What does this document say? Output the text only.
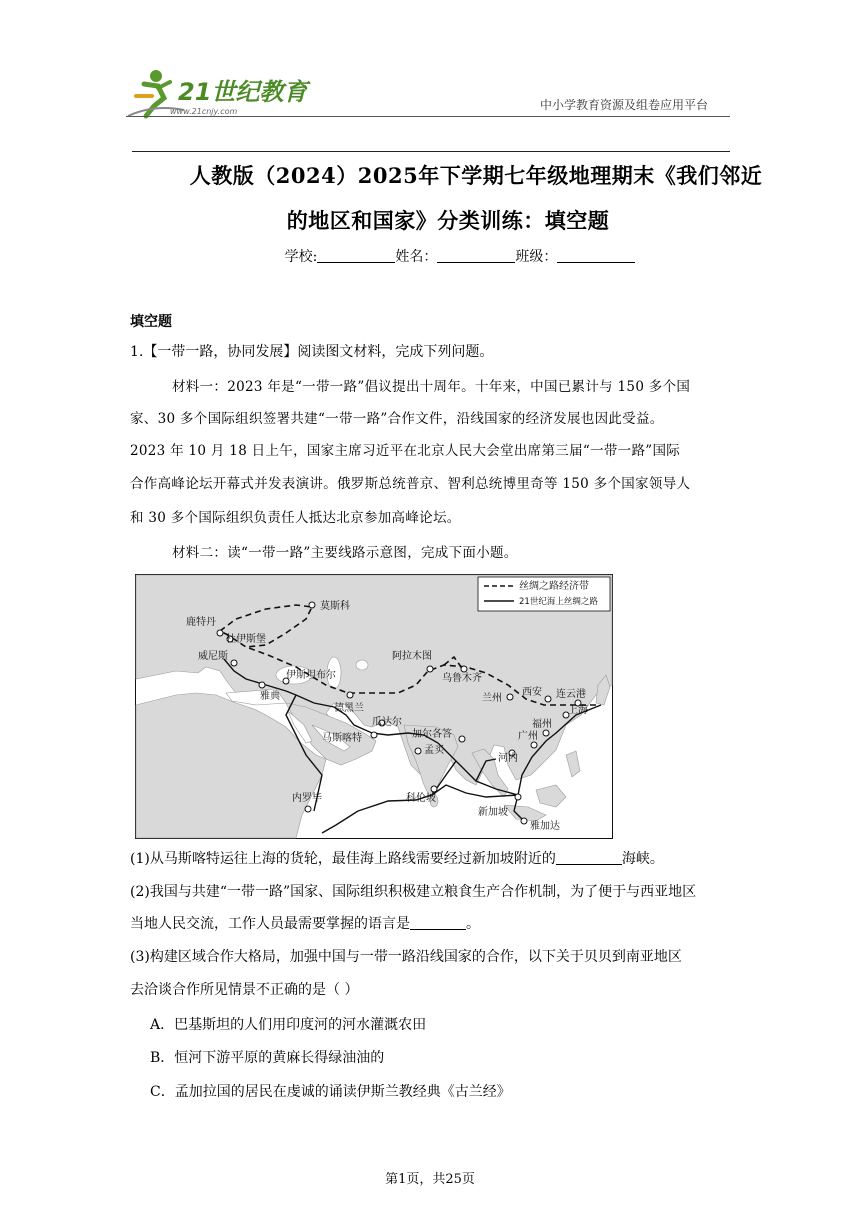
21世纪教育
www.21cnjy.com	中小学教育资源及组卷应用平台
人教版（2024）2025年下学期七年级地理期末《我们邻近
的地区和国家》分类训练：填空题
学校:	姓名：	班级：
填空题
1.【一带一路，协同发展】阅读图文材料，完成下列问题。
材料一：2023 年是“一带一路”倡议提出十周年。十年来，中国已累计与 150 多个国
家、30 多个国际组织签署共建“一带一路”合作文件，沿线国家的经济发展也因此受益。
2023 年 10 月 18 日上午，国家主席习近平在北京人民大会堂出席第三届“一带一路”国际
合作高峰论坛开幕式并发表演讲。俄罗斯总统普京、智利总统博里奇等 150 多个国家领导人
和 30 多个国际组织负责任人抵达北京参加高峰论坛。
材料二：读“一带一路”主要线路示意图，完成下面小题。
丝绸之路经济带
21世纪海上丝绸之路
莫斯科
鹿特丹
杜伊斯堡
威尼斯
伊斯坦布尔
雅典
德黑兰
阿拉木图
乌鲁木齐
兰州
西安 连云港
上海
福州
广州
河内
瓜达尔
马斯喀特	加尔各答
孟买
科伦坡
新加坡
雅加达
内罗毕
(1)从马斯喀特运往上海的货轮，最佳海上路线需要经过新加坡附近的	海峡。
(2)我国与共建“一带一路”国家、国际组织积极建立粮食生产合作机制，为了便于与西亚地区
当地人民交流，工作人员最需要掌握的语言是	。
(3)构建区域合作大格局，加强中国与一带一路沿线国家的合作，以下关于贝贝到南亚地区
去洽谈合作所见情景不正确的是（ ）
A．巴基斯坦的人们用印度河的河水灌溉农田
B．恒河下游平原的黄麻长得绿油油的
C．孟加拉国的居民在虔诚的诵读伊斯兰教经典《古兰经》
第1页，共25页
